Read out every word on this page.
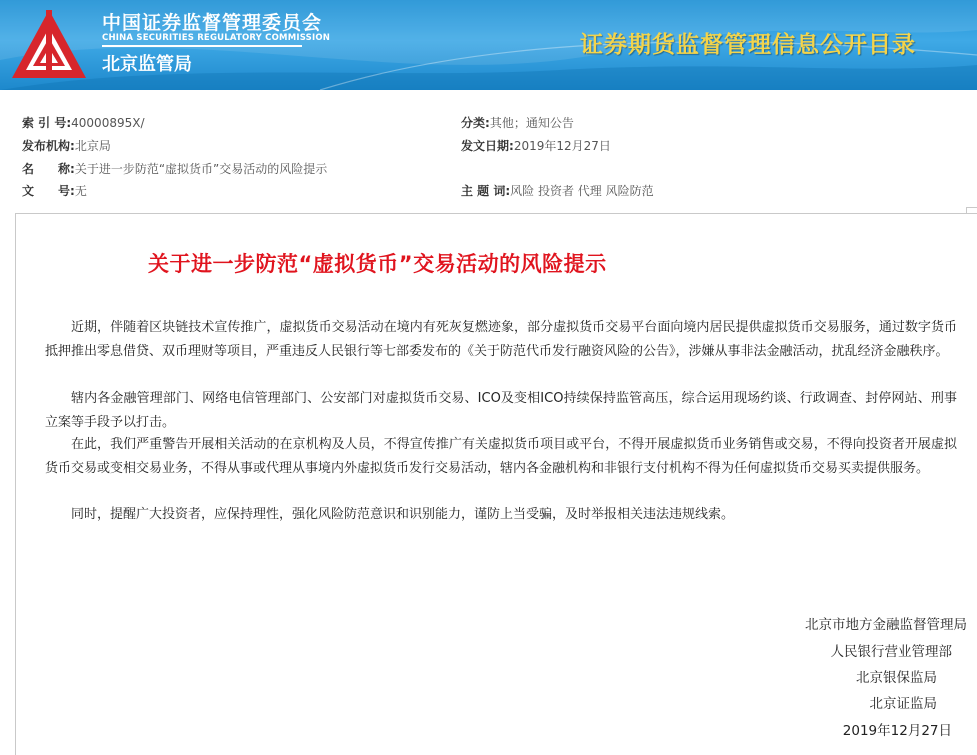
中国证券监督管理委员会
CHINA SECURITIES REGULATORY COMMISSION
北京监管局
证券期货监督管理信息公开目录
索 引 号:40000895X/	分类:其他；通知公告
发布机构:北京局	发文日期:2019年12月27日
名　　称:关于进一步防范“虚拟货币”交易活动的风险提示
文　　号:无	主 题 词:风险 投资者 代理 风险防范
关于进一步防范“虚拟货币”交易活动的风险提示
近期，伴随着区块链技术宣传推广，虚拟货币交易活动在境内有死灰复燃迹象，部分虚拟货币交易平台面向境内居民提供虚拟货币交易服务，通过数字货币抵押推出零息借贷、双币理财等项目，严重违反人民银行等七部委发布的《关于防范代币发行融资风险的公告》，涉嫌从事非法金融活动，扰乱经济金融秩序。
辖内各金融管理部门、网络电信管理部门、公安部门对虚拟货币交易、ICO及变相ICO持续保持监管高压，综合运用现场约谈、行政调查、封停网站、刑事立案等手段予以打击。
在此，我们严重警告开展相关活动的在京机构及人员，不得宣传推广有关虚拟货币项目或平台，不得开展虚拟货币业务销售或交易，不得向投资者开展虚拟货币交易或变相交易业务，不得从事或代理从事境内外虚拟货币发行交易活动，辖内各金融机构和非银行支付机构不得为任何虚拟货币交易买卖提供服务。
同时，提醒广大投资者，应保持理性，强化风险防范意识和识别能力，谨防上当受骗，及时举报相关违法违规线索。
北京市地方金融监督管理局
人民银行营业管理部
北京银保监局
北京证监局
2019年12月27日
